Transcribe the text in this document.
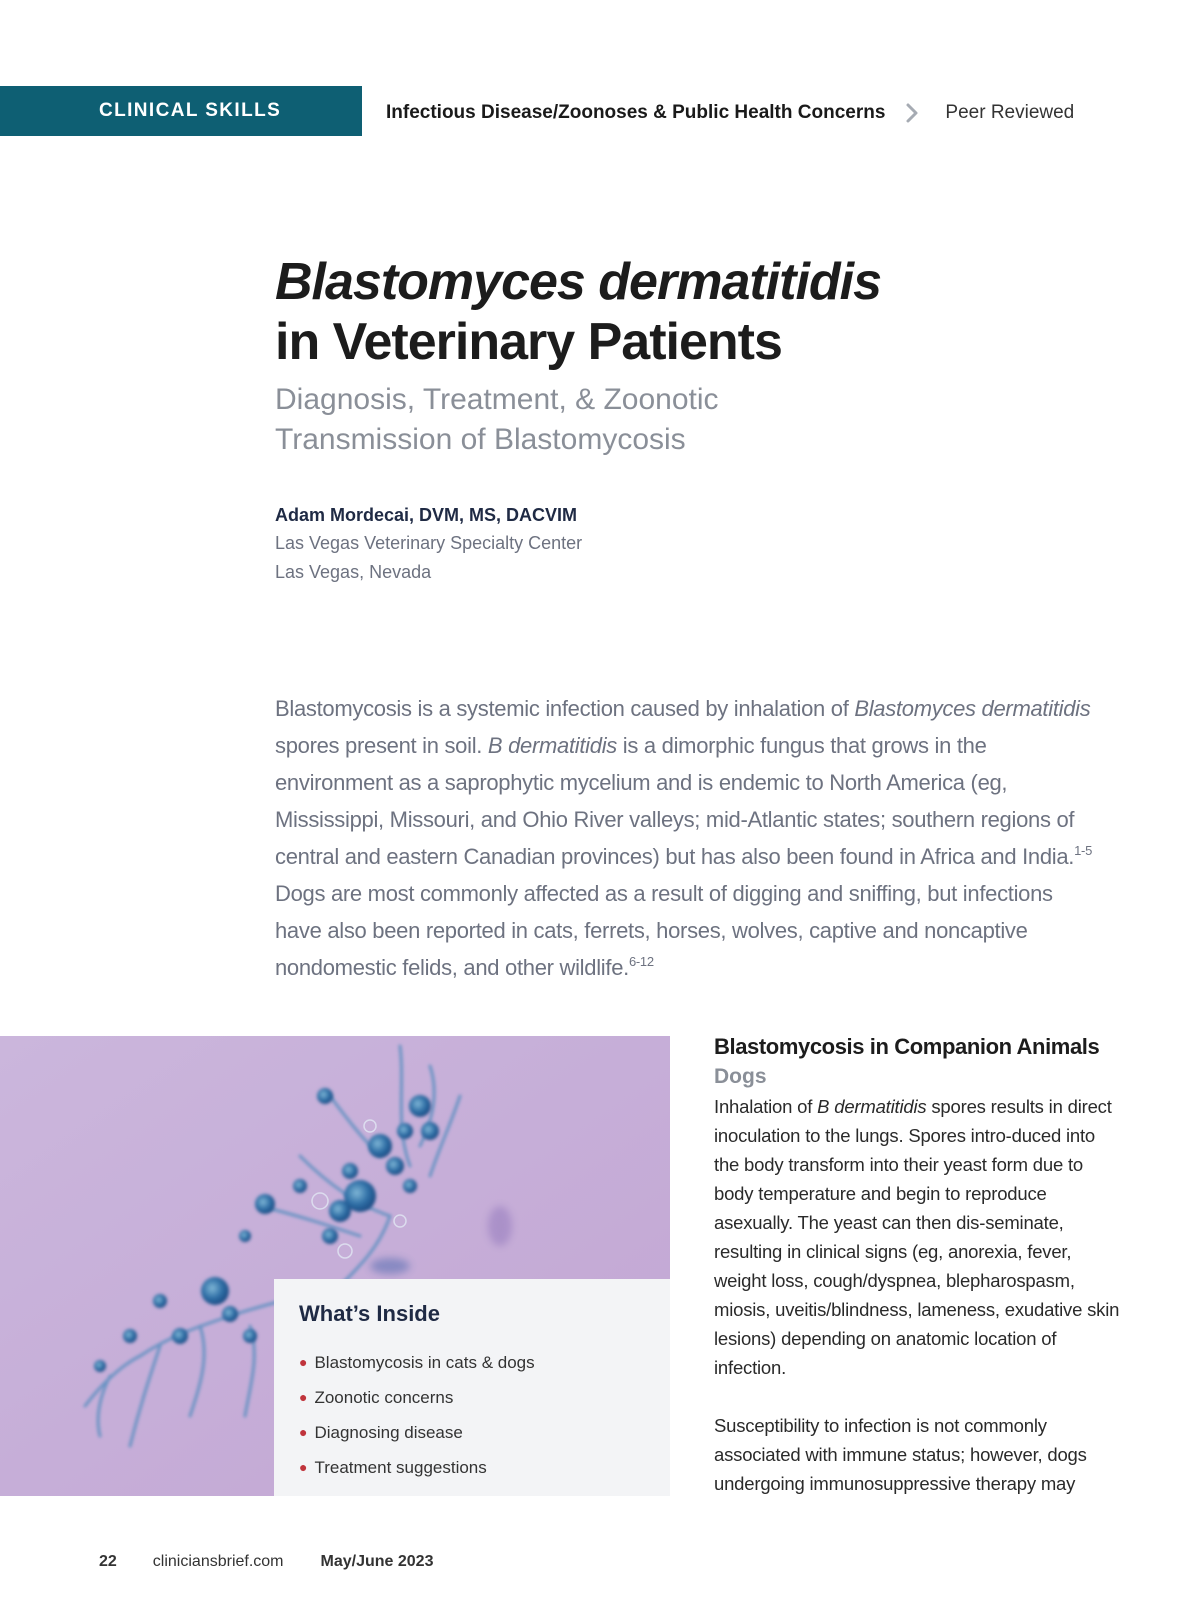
CLINICAL SKILLS	Infectious Disease/Zoonoses & Public Health Concerns	Peer Reviewed
Blastomyces dermatitidis
in Veterinary Patients
Diagnosis, Treatment, & Zoonotic
Transmission of Blastomycosis
Adam Mordecai, DVM, MS, DACVIM
Las Vegas Veterinary Specialty Center
Las Vegas, Nevada

Blastomycosis is a systemic infection caused by inhalation of Blastomyces dermatitidis spores present in soil. B dermatitidis is a dimorphic fungus that grows in the environment as a saprophytic mycelium and is endemic to North America (eg, Mississippi, Missouri, and Ohio River valleys; mid-Atlantic states; southern regions of central and eastern Canadian provinces) but has also been found in Africa and India.$^{1-5}$ Dogs are most commonly affected as a result of digging and sniffing, but infections have also been reported in cats, ferrets, horses, wolves, captive and noncaptive nondomestic felids, and other wildlife.$^{6-12}$

What’s Inside
● Blastomycosis in cats & dogs
● Zoonotic concerns
● Diagnosing disease
● Treatment suggestions
Blastomycosis in Companion Animals
Dogs

Inhalation of B dermatitidis spores results in direct inoculation to the lungs. Spores intro-duced into the body transform into their yeast form due to body temperature and begin to reproduce asexually. The yeast can then dis-seminate, resulting in clinical signs (eg, anorexia, fever, weight loss, cough/dyspnea, blepharospasm, miosis, uveitis/blindness, lameness, exudative skin lesions) depending on anatomic location of infection.

Susceptibility to infection is not commonly associated with immune status; however, dogs undergoing immunosuppressive therapy may

22 cliniciansbrief.com May/June 2023
